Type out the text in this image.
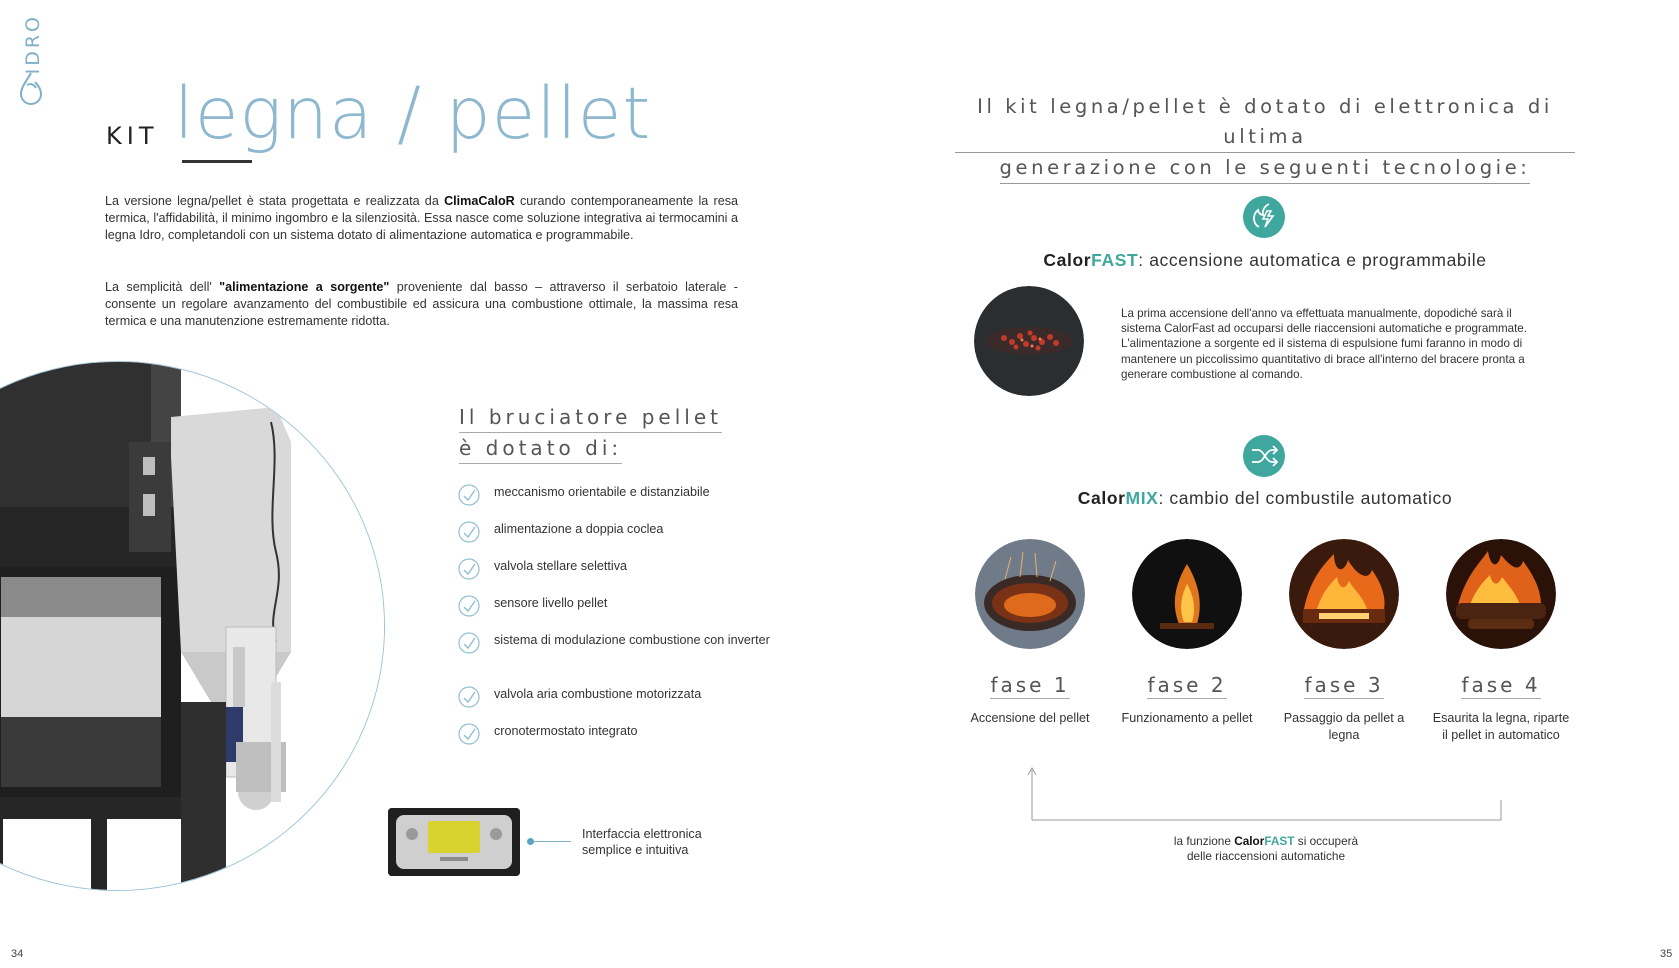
IDRO
KIT legna / pellet

La versione legna/pellet è stata progettata e realizzata da ClimaCaloR curando contemporaneamente la resa termica, l'affidabilità, il minimo ingombro e la silenziosità. Essa nasce come soluzione integrativa ai termocamini a legna Idro, completandoli con un sistema dotato di alimentazione automatica e programmabile.

La semplicità dell' "alimentazione a sorgente" proveniente dal basso – attraverso il serbatoio laterale - consente un regolare avanzamento del combustibile ed assicura una combustione ottimale, la massima resa termica e una manutenzione estremamente ridotta.

Il bruciatore pellet
è dotato di:
meccanismo orientabile e distanziabile
alimentazione a doppia coclea
valvola stellare selettiva
sensore livello pellet
sistema di modulazione combustione con inverter
valvola aria combustione motorizzata
cronotermostato integrato
Interfaccia elettronica
semplice e intuitiva
34
Il kit legna/pellet è dotato di elettronica di ultima
generazione con le seguenti tecnologie:
CalorFAST: accensione automatica e programmabile
La prima accensione dell'anno va effettuata manualmente, dopodiché sarà il sistema CalorFast ad occuparsi delle riaccensioni automatiche e programmate. L'alimentazione a sorgente ed il sistema di espulsione fumi faranno in modo di mantenere un piccolissimo quantitativo di brace all'interno del bracere pronta a generare combustione al comando.
CalorMIX: cambio del combustile automatico
fase 1
Accensione del pellet
fase 2
Funzionamento a pellet
fase 3
Passaggio da pellet a legna
fase 4
Esaurita la legna, riparte il pellet in automatico
la funzione CalorFAST si occuperà delle riaccensioni automatiche
35
